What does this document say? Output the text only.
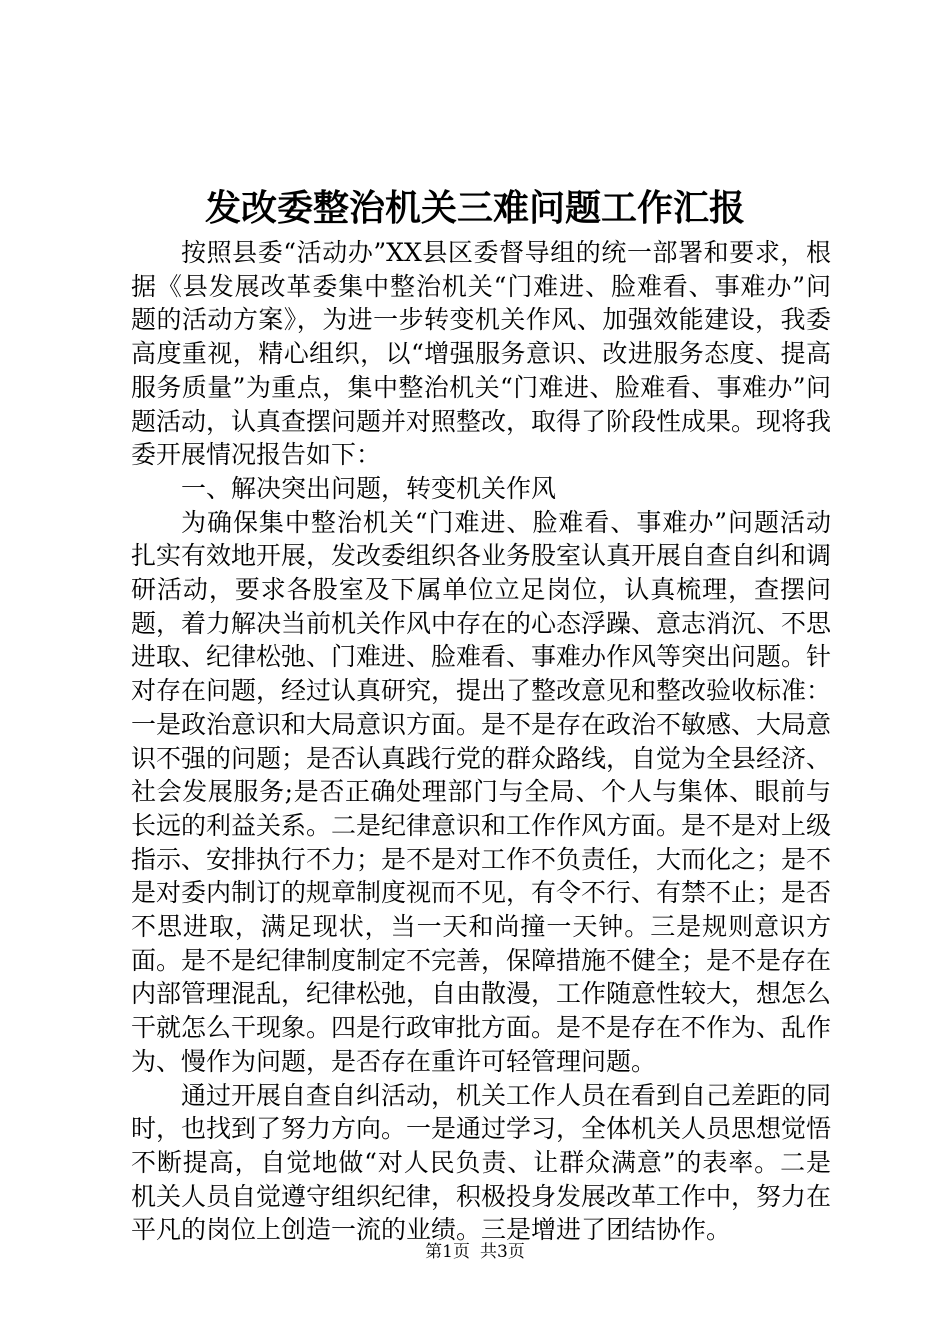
发改委整治机关三难问题工作汇报

按照县委“活动办”XX县区委督导组的统一部署和要求，根据《县发展改革委集中整治机关“门难进、脸难看、事难办”问题的活动方案》，为进一步转变机关作风、加强效能建设，我委高度重视，精心组织，以“增强服务意识、改进服务态度、提高服务质量”为重点，集中整治机关“门难进、脸难看、事难办”问题活动，认真查摆问题并对照整改，取得了阶段性成果。现将我委开展情况报告如下：

一、解决突出问题，转变机关作风

为确保集中整治机关“门难进、脸难看、事难办”问题活动扎实有效地开展，发改委组织各业务股室认真开展自查自纠和调研活动，要求各股室及下属单位立足岗位，认真梳理，查摆问题，着力解决当前机关作风中存在的心态浮躁、意志消沉、不思进取、纪律松弛、门难进、脸难看、事难办作风等突出问题。针对存在问题，经过认真研究，提出了整改意见和整改验收标准：一是政治意识和大局意识方面。是不是存在政治不敏感、大局意识不强的问题；是否认真践行党的群众路线，自觉为全县经济、社会发展服务;是否正确处理部门与全局、个人与集体、眼前与长远的利益关系。二是纪律意识和工作作风方面。是不是对上级指示、安排执行不力；是不是对工作不负责任，大而化之；是不是对委内制订的规章制度视而不见，有令不行、有禁不止；是否不思进取，满足现状，当一天和尚撞一天钟。三是规则意识方面。是不是纪律制度制定不完善，保障措施不健全；是不是存在内部管理混乱，纪律松弛，自由散漫，工作随意性较大，想怎么干就怎么干现象。四是行政审批方面。是不是存在不作为、乱作为、慢作为问题，是否存在重许可轻管理问题。

通过开展自查自纠活动，机关工作人员在看到自己差距的同时，也找到了努力方向。一是通过学习，全体机关人员思想觉悟不断提高，自觉地做“对人民负责、让群众满意”的表率。二是机关人员自觉遵守组织纪律，积极投身发展改革工作中，努力在平凡的岗位上创造一流的业绩。三是增进了团结协作。

第1页 共3页
